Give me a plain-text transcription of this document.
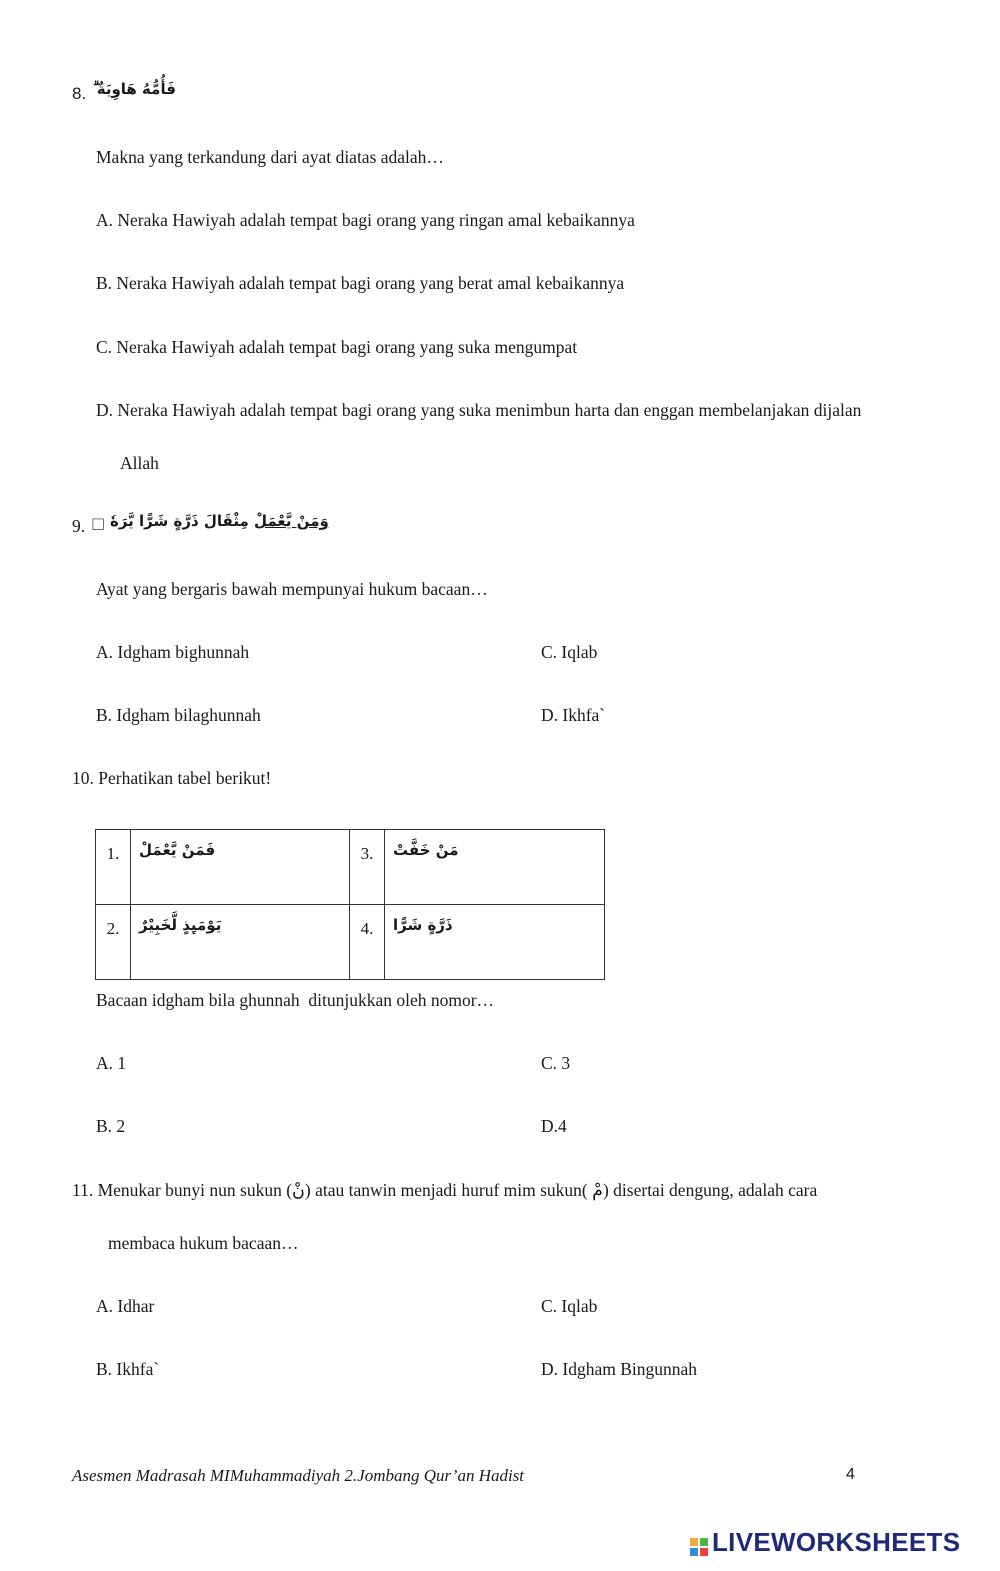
8. فَأُمُّهُ هَاوِيَةٌ ۗ
Makna yang terkandung dari ayat diatas adalah…
A. Neraka Hawiyah adalah tempat bagi orang yang ringan amal kebaikannya
B. Neraka Hawiyah adalah tempat bagi orang yang berat amal kebaikannya
C. Neraka Hawiyah adalah tempat bagi orang yang suka mengumpat
D. Neraka Hawiyah adalah tempat bagi orang yang suka menimbun harta dan enggan membelanjakan dijalan
Allah
9. □	وَمَنْ يَّعْمَلْ مِثْقَالَ ذَرَّةٍ شَرًّا يَّرَهٗ
Ayat yang bergaris bawah mempunyai hukum bacaan…
A. Idgham bighunnah
B. Idgham bilaghunnah
C. Iqlab
D. Ikhfa`
10. Perhatikan tabel berikut!
1.	فَمَنْ يَّعْمَلْ	3.	مَنْ خَفَّتْ
2.	يَوْمَىِٕذٍ لَّخَبِيْرٌ	4.	ذَرَّةٍ شَرًّا
Bacaan idgham bila ghunnah  ditunjukkan oleh nomor…
A. 1
B. 2
C. 3
D.4
11. Menukar bunyi nun sukun (نْ) atau tanwin menjadi huruf mim sukun( مْ) disertai dengung, adalah cara
membaca hukum bacaan…
A. Idhar
B. Ikhfa`
C. Iqlab
D. Idgham Bingunnah
Asesmen Madrasah MIMuhammadiyah 2.Jombang Qur’an Hadist	4
LIVEWORKSHEETS
